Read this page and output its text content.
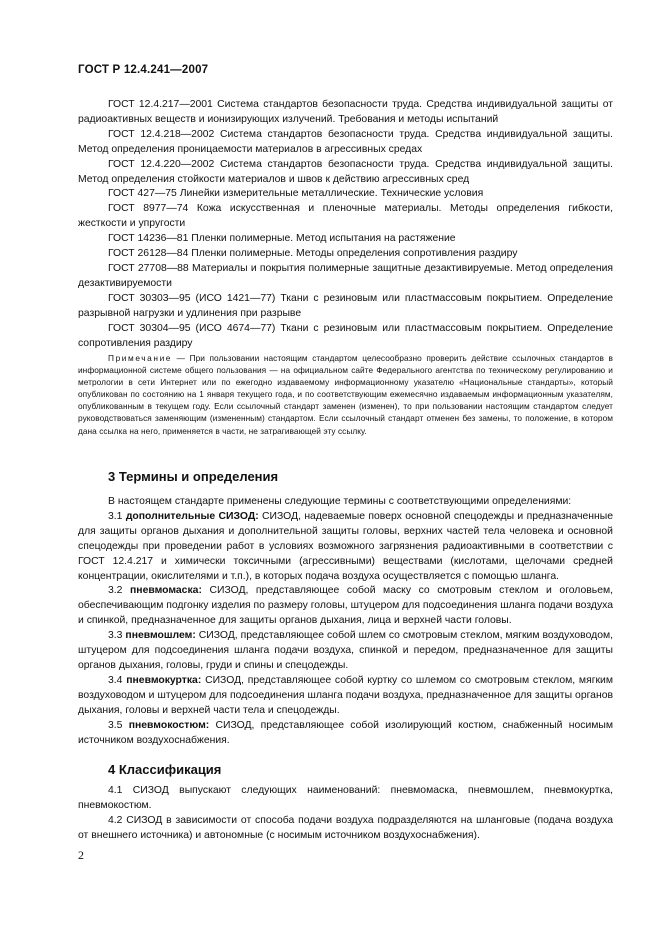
ГОСТ Р 12.4.241—2007

ГОСТ 12.4.217—2001 Система стандартов безопасности труда. Средства индивидуальной защиты от радиоактивных веществ и ионизирующих излучений. Требования и методы испытаний

ГОСТ 12.4.218—2002 Система стандартов безопасности труда. Средства индивидуальной защиты. Метод определения проницаемости материалов в агрессивных средах

ГОСТ 12.4.220—2002 Система стандартов безопасности труда. Средства индивидуальной защиты. Метод определения стойкости материалов и швов к действию агрессивных сред

ГОСТ 427—75 Линейки измерительные металлические. Технические условия

ГОСТ 8977—74 Кожа искусственная и пленочные материалы. Методы определения гибкости, жесткости и упругости

ГОСТ 14236—81 Пленки полимерные. Метод испытания на растяжение

ГОСТ 26128—84 Пленки полимерные. Методы определения сопротивления раздиру

ГОСТ 27708—88 Материалы и покрытия полимерные защитные дезактивируемые. Метод определения дезактивируемости

ГОСТ 30303—95 (ИСО 1421—77) Ткани с резиновым или пластмассовым покрытием. Определение разрывной нагрузки и удлинения при разрыве

ГОСТ 30304—95 (ИСО 4674—77) Ткани с резиновым или пластмассовым покрытием. Определение сопротивления раздиру

Примечание — При пользовании настоящим стандартом целесообразно проверить действие ссылочных стандартов в информационной системе общего пользования — на официальном сайте Федерального агентства по техническому регулированию и метрологии в сети Интернет или по ежегодно издаваемому информационному указателю «Национальные стандарты», который опубликован по состоянию на 1 января текущего года, и по соответствующим ежемесячно издаваемым информационным указателям, опубликованным в текущем году. Если ссылочный стандарт заменен (изменен), то при пользовании настоящим стандартом следует руководствоваться заменяющим (измененным) стандартом. Если ссылочный стандарт отменен без замены, то положение, в котором дана ссылка на него, применяется в части, не затрагивающей эту ссылку.
3 Термины и определения

В настоящем стандарте применены следующие термины с соответствующими определениями:

3.1 дополнительные СИЗОД: СИЗОД, надеваемые поверх основной спецодежды и предназначенные для защиты органов дыхания и дополнительной защиты головы, верхних частей тела человека и основной спецодежды при проведении работ в условиях возможного загрязнения радиоактивными в соответствии с ГОСТ 12.4.217 и химически токсичными (агрессивными) веществами (кислотами, щелочами средней концентрации, окислителями и т.п.), в которых подача воздуха осуществляется с помощью шланга.

3.2 пневмомаска: СИЗОД, представляющее собой маску со смотровым стеклом и оголовьем, обеспечивающим подгонку изделия по размеру головы, штуцером для подсоединения шланга подачи воздуха и спинкой, предназначенное для защиты органов дыхания, лица и верхней части головы.

3.3 пневмошлем: СИЗОД, представляющее собой шлем со смотровым стеклом, мягким воздуховодом, штуцером для подсоединения шланга подачи воздуха, спинкой и передом, предназначенное для защиты органов дыхания, головы, груди и спины и спецодежды.

3.4 пневмокуртка: СИЗОД, представляющее собой куртку со шлемом со смотровым стеклом, мягким воздуховодом и штуцером для подсоединения шланга подачи воздуха, предназначенное для защиты органов дыхания, головы и верхней части тела и спецодежды.

3.5 пневмокостюм: СИЗОД, представляющее собой изолирующий костюм, снабженный носимым источником воздухоснабжения.

4 Классификация

4.1 СИЗОД выпускают следующих наименований: пневмомаска, пневмошлем, пневмокуртка, пневмокостюм.

4.2 СИЗОД в зависимости от способа подачи воздуха подразделяются на шланговые (подача воздуха от внешнего источника) и автономные (с носимым источником воздухоснабжения).

2
